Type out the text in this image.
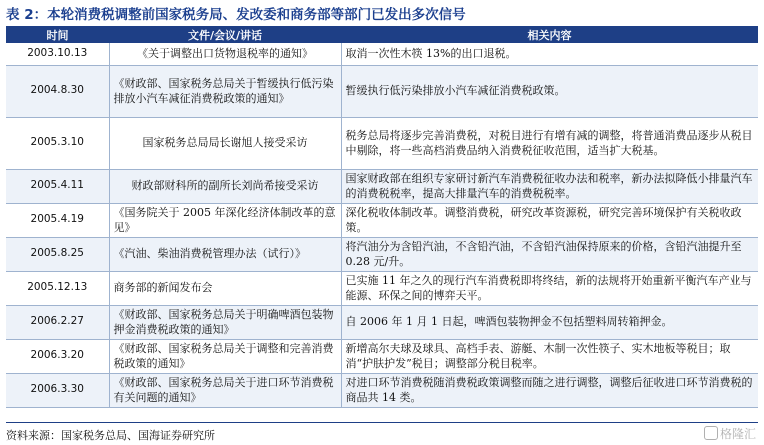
表 2：本轮消费税调整前国家税务局、发改委和商务部等部门已发出多次信号
时间	文件/会议/讲话	相关内容
2003.10.13	《关于调整出口货物退税率的通知》	取消一次性木筷 13%的出口退税。
2004.8.30	《财政部、国家税务总局关于暂缓执行低污染排放小汽车减征消费税政策的通知》	暂缓执行低污染排放小汽车减征消费税政策。
2005.3.10	国家税务总局局长谢旭人接受采访	税务总局将逐步完善消费税，对税目进行有增有减的调整，将普通消费品逐步从税目中剔除，将一些高档消费品纳入消费税征收范围，适当扩大税基。
2005.4.11	财政部财科所的副所长刘尚希接受采访	国家财政部在组织专家研讨新汽车消费税征收办法和税率，新办法拟降低小排量汽车的消费税税率，提高大排量汽车的消费税税率。
2005.4.19	《国务院关于 2005 年深化经济体制改革的意见》	深化税收体制改革。调整消费税，研究改革资源税，研究完善环境保护有关税收政策。
2005.8.25	《汽油、柴油消费税管理办法（试行）》	将汽油分为含铅汽油，不含铅汽油，不含铅汽油保持原来的价格，含铅汽油提升至 0.28 元/升。
2005.12.13	商务部的新闻发布会	已实施 11 年之久的现行汽车消费税即将终结，新的法规将开始重新平衡汽车产业与能源、环保之间的博弈天平。
2006.2.27	《财政部、国家税务总局关于明确啤酒包装物押金消费税政策的通知》	自 2006 年 1 月 1 日起，啤酒包装物押金不包括塑料周转箱押金。
2006.3.20	《财政部、国家税务总局关于调整和完善消费税政策的通知》	新增高尔夫球及球具、高档手表、游艇、木制一次性筷子、实木地板等税目；取消“护肤护发”税目；调整部分税目税率。
2006.3.30	《财政部、国家税务总局关于进口环节消费税有关问题的通知》	对进口环节消费税随消费税政策调整而随之进行调整，调整后征收进口环节消费税的商品共 14 类。
资料来源：国家税务总局、国海证券研究所	格隆汇
